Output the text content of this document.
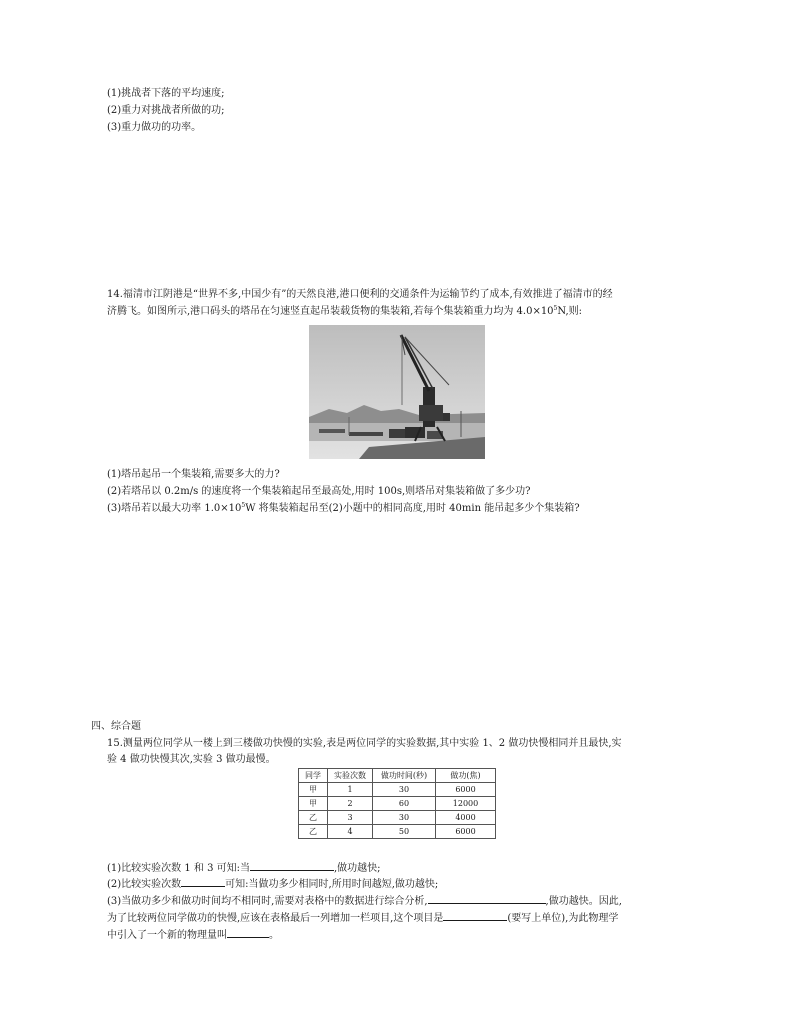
(1)挑战者下落的平均速度;
(2)重力对挑战者所做的功;
(3)重力做功的功率。
14.福清市江阴港是“世界不多,中国少有”的天然良港,港口便利的交通条件为运输节约了成本,有效推进了福清市的经
济腾飞。如图所示,港口码头的塔吊在匀速竖直起吊装载货物的集装箱,若每个集装箱重力均为 $4.0\times 10^5N$,则:
(1)塔吊起吊一个集装箱,需要多大的力?
(2)若塔吊以 0.2m/s 的速度将一个集装箱起吊至最高处,用时 100s,则塔吊对集装箱做了多少功?
(3)塔吊若以最大功率 $1.0\times 10^5W$ 将集装箱起吊至(2)小题中的相同高度,用时 40min 能吊起多少个集装箱?
四、综合题
15.测量两位同学从一楼上到三楼做功快慢的实验,表是两位同学的实验数据,其中实验 1、2 做功快慢相同并且最快,实
验 4 做功快慢其次,实验 3 做功最慢。
同学	实验次数	做功时间(秒)	做功(焦)
甲	1	30	6000
甲	2	60	12000
乙	3	30	4000
乙	4	50	6000
(1)比较实验次数 1 和 3 可知:当	,做功越快;
(2)比较实验次数	可知:当做功多少相同时,所用时间越短,做功越快;
(3)当做功多少和做功时间均不相同时,需要对表格中的数据进行综合分析,	,做功越快。因此,
为了比较两位同学做功的快慢,应该在表格最后一列增加一栏项目,这个项目是	(要写上单位),为此物理学
中引入了一个新的物理量叫	。
